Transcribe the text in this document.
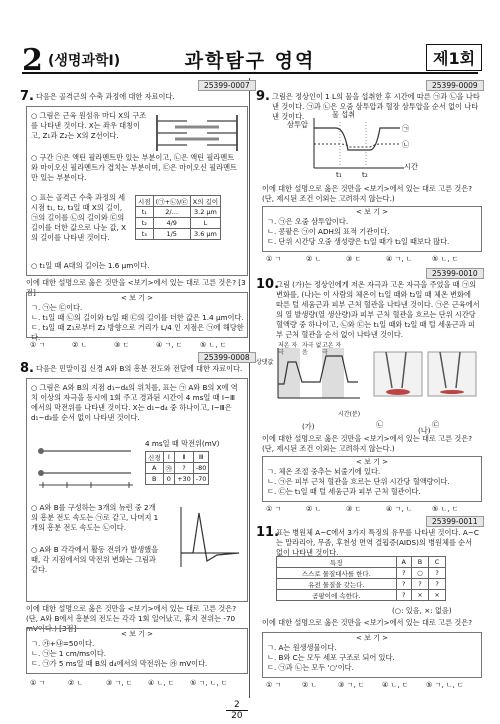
2 (생명과학Ⅰ)	과학탐구 영역	제1회
25399-0007
7. 다음은 골격근의 수축 과정에 대한 자료이다.
○ 그림은 근육 원섬유 마디 X의 구조를 나타낸 것이다. X는 좌우 대칭이고, Z₁과 Z₂는 X의 Z선이다.
○ 구간 ㉠은 액틴 필라멘트만 있는 부분이고, ㉡은 액틴 필라멘트와 마이오신 필라멘트가 겹치는 부분이며, ㉢은 마이오신 필라멘트만 있는 부분이다.
○ 표는 골격근 수축 과정의 세 시점 t₁, t₂, t₃일 때 X의 길이, ㉠의 길이를 ㉡의 길이와 ㉢의 길이를 더한 값으로 나눈 값, X의 길이를 나타낸 것이다.
○ t₁일 때 A대의 길이는 1.6 μm이다.
시점	(㉠+㉡)/㉢	X의 길이
t₁	2/…	3.2 μm
t₂	4/9	L
t₃	1/5	3.6 μm
이에 대한 설명으로 옳은 것만을 <보기>에서 있는 대로 고른 것은? [3점]
< 보 기 >
ㄱ. ㉠는 ㉢이다.
ㄴ. t₁일 때 ㉡의 길이와 t₂일 때 ㉢의 길이를 더한 값은 1.4 μm이다.
ㄷ. t₃일 때 Z₁로부터 Z₂ 방향으로 거리가 L/4 인 지점은 ㉠에 해당한다.
① ㄱ	② ㄴ	③ ㄷ	④ ㄱ, ㄷ	⑤ ㄴ, ㄷ
25399-0008
8. 다음은 민말이집 신경 A와 B의 흥분 전도와 전달에 대한 자료이다.
○ 그림은 A와 B의 지점 d₁~d₄의 위치를, 표는 ㉠ A와 B의 X에 역치 이상의 자극을 동시에 1회 주고 경과된 시간이 4 ms일 때 I~Ⅲ에서의 막전위를 나타낸 것이다. X는 d₁~d₄ 중 하나이고, I~Ⅲ은 d₁~d₃를 순서 없이 나타낸 것이다.
4 ms일 때 막전위(mV)
신경	Ⅰ	Ⅱ	Ⅲ
A	㉮	?	-80
B	0	+30	-70
○ A와 B를 구성하는 3개의 뉴런 중 2개의 흥분 전도 속도는 ㉠로 같고, 나머지 1개의 흥분 전도 속도는 ㉡이다.
○ A와 B 각각에서 활동 전위가 발생했을 때, 각 지점에서의 막전위 변화는 그림과 같다.
이에 대한 설명으로 옳은 것만을 <보기>에서 있는 대로 고른 것은? (단, A와 B에서 흥분의 전도는 각각 1회 일어났고, 휴지 전위는 -70 mV이다.) [3점]
< 보 기 >
ㄱ. ㉮+㉯=50이다.
ㄴ. ㉠는 1 cm/ms이다.
ㄷ. ㉠가 5 ms일 때 B의 d₄에서의 막전위는 ㉮ mV이다.
① ㄱ	② ㄴ	③ ㄱ, ㄷ ④ ㄴ, ㄷ ⑤ ㄱ, ㄴ, ㄷ
25399-0009
9. 그림은 정상인이 1 L의 물을 섭취한 후 시간에 따른 ㉠과 ㉡을 나타낸 것이다. ㉠과 ㉡은 오줌 삼투압과 혈장 삼투압을 순서 없이 나타낸 것이다.
삼투압
시간
물 섭취
㉠
㉡
t₁	t₂
이에 대한 설명으로 옳은 것만을 <보기>에서 있는 대로 고른 것은? (단, 제시된 조건 이외는 고려하지 않는다.)
< 보 기 >
ㄱ. ㉠은 오줌 삼투압이다.
ㄴ. 콩팥은 ㉠이 ADH의 표적 기관이다.
ㄷ. 단위 시간당 오줌 생성량은 t₁일 때가 t₂일 때보다 많다.
① ㄱ	② ㄴ	③ ㄷ	④ ㄱ, ㄴ	⑤ ㄴ, ㄷ
25399-0010
10.
그림 (가)는 정상인에게 저온 자극과 고온 자극을 주었을 때 ㉠의 변화를, (나)는 이 사람의 체온이 t₁일 때와 t₂일 때 체온 변화에 따른 털 세움근과 피부 근처 혈관을 나타낸 것이다. ㉠은 근육에서의 열 발생량(열 생산량)과 피부 근처 혈관을 흐르는 단위 시간당 혈액량 중 하나이고, ㉡와 ㉢는 t₁일 때와 t₂일 때 털 세움근과 피부 근처 혈관을 순서 없이 나타낸 것이다.
저온 자극
자극 없음
고온 자극
상댓값
시간(분)
(가)	㉡	㉢
(나)
이에 대한 설명으로 옳은 것만을 <보기>에서 있는 대로 고른 것은? (단, 제시된 조건 이외는 고려하지 않는다.)
< 보 기 >
ㄱ. 체온 조절 중추는 뇌줄기에 있다.
ㄴ. ㉠은 피부 근처 혈관을 흐르는 단위 시간당 혈액량이다.
ㄷ. ㉢는 t₁일 때 털 세움근과 피부 근처 혈관이다.
① ㄱ	② ㄴ	③ ㄷ	④ ㄱ, ㄴ	⑤ ㄴ, ㄷ
25399-0011
11.
표는 병원체 A~C에서 3가지 특징의 유무를 나타낸 것이다. A~C는 말라리아, 무좀, 후천성 면역 결핍증(AIDS)의 병원체를 순서 없이 나타낸 것이다.
특징	A	B	C
스스로 물질대사를 한다.	?	○	?
유전 물질을 갖는다.	?	?	?
곰팡이에 속한다.	?	×	×
(○: 있음, ×: 없음)
이에 대한 설명으로 옳은 것만을 <보기>에서 있는 대로 고른 것은?
< 보 기 >
ㄱ. A는 원생생물이다.
ㄴ. B와 C는 모두 세포 구조로 되어 있다.
ㄷ. ㉠과 ㉡는 모두 '○'이다.
① ㄱ	② ㄴ	③ ㄱ, ㄷ	④ ㄴ, ㄷ	⑤ ㄱ, ㄴ, ㄷ
2
20
